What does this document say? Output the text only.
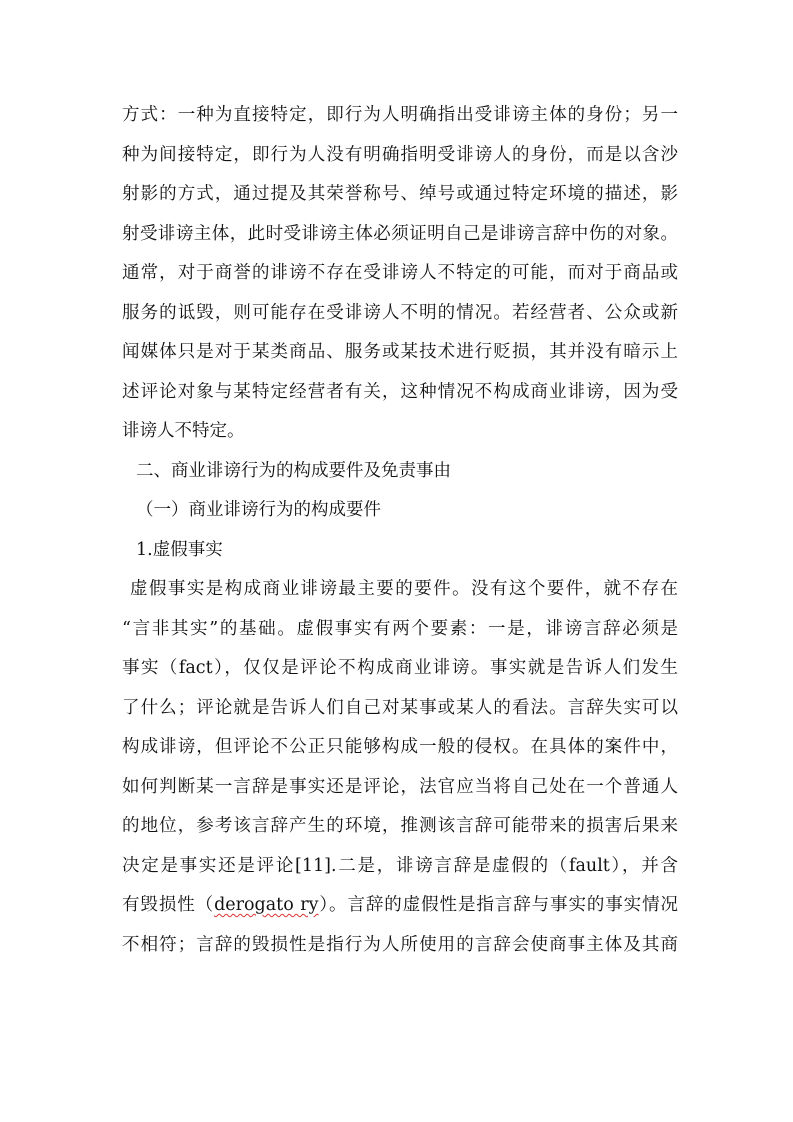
方式：一种为直接特定，即行为人明确指出受诽谤主体的身份；另一
种为间接特定，即行为人没有明确指明受诽谤人的身份，而是以含沙
射影的方式，通过提及其荣誉称号、绰号或通过特定环境的描述，影
射受诽谤主体，此时受诽谤主体必须证明自己是诽谤言辞中伤的对象。
通常，对于商誉的诽谤不存在受诽谤人不特定的可能，而对于商品或
服务的诋毁，则可能存在受诽谤人不明的情况。若经营者、公众或新
闻媒体只是对于某类商品、服务或某技术进行贬损，其并没有暗示上
述评论对象与某特定经营者有关，这种情况不构成商业诽谤，因为受
诽谤人不特定。
二、商业诽谤行为的构成要件及免责事由
（一）商业诽谤行为的构成要件
1.虚假事实
虚假事实是构成商业诽谤最主要的要件。没有这个要件，就不存在
“言非其实”的基础。虚假事实有两个要素：一是，诽谤言辞必须是
事实（fact），仅仅是评论不构成商业诽谤。事实就是告诉人们发生
了什么；评论就是告诉人们自己对某事或某人的看法。言辞失实可以
构成诽谤，但评论不公正只能够构成一般的侵权。在具体的案件中，
如何判断某一言辞是事实还是评论，法官应当将自己处在一个普通人
的地位，参考该言辞产生的环境，推测该言辞可能带来的损害后果来
决定是事实还是评论[11].二是，诽谤言辞是虚假的（fault），并含
有毁损性（derogato ry）。言辞的虚假性是指言辞与事实的事实情况
不相符；言辞的毁损性是指行为人所使用的言辞会使商事主体及其商
